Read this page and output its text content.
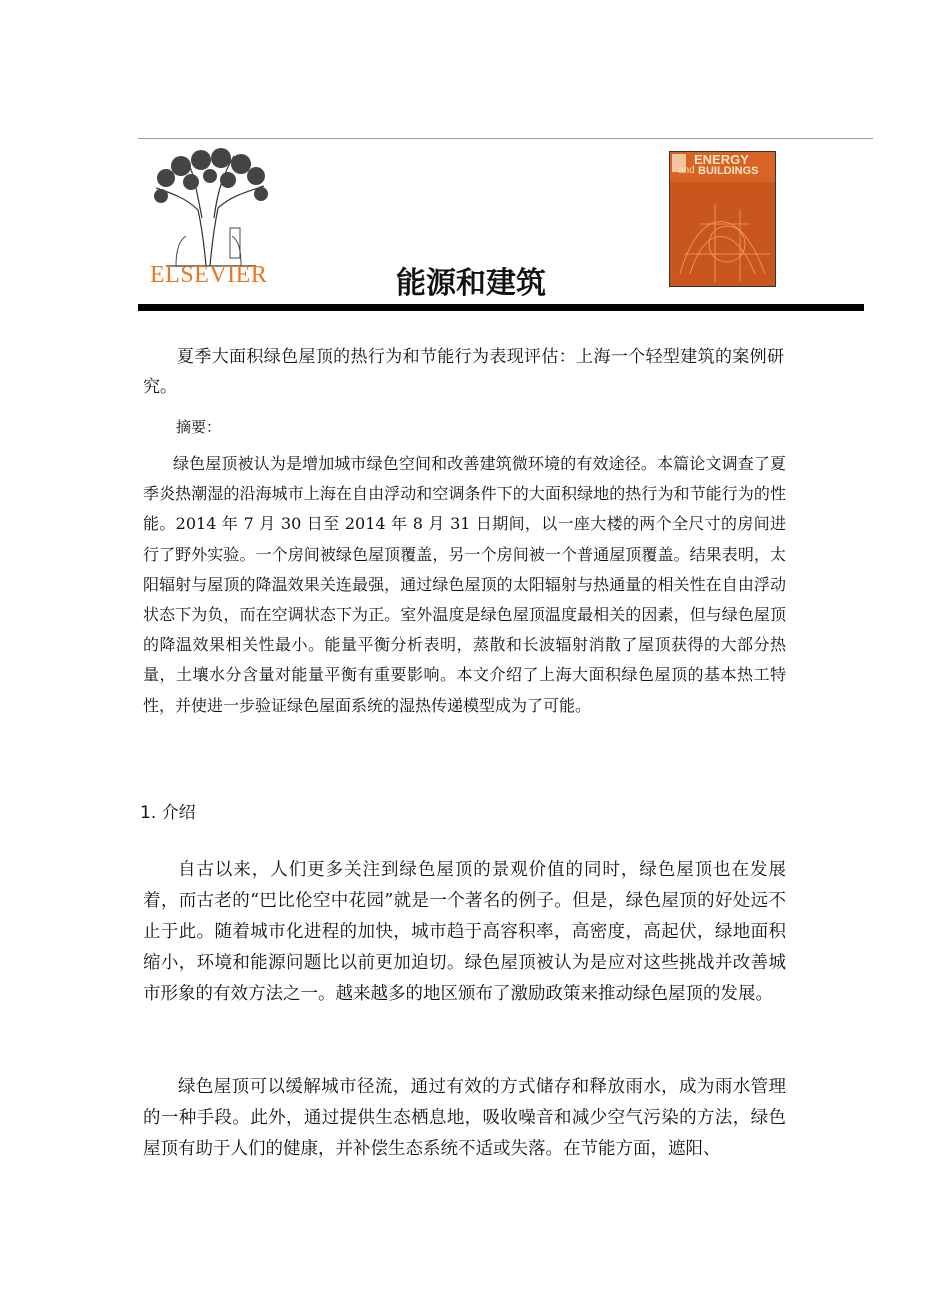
ELSEVIER	能源和建筑
ENERGY
and BUILDINGS
夏季大面积绿色屋顶的热行为和节能行为表现评估：上海一个轻型建筑的案例研究。
摘要：
绿色屋顶被认为是增加城市绿色空间和改善建筑微环境的有效途径。本篇论文调查了夏季炎热潮湿的沿海城市上海在自由浮动和空调条件下的大面积绿地的热行为和节能行为的性能。2014 年 7 月 30 日至 2014 年 8 月 31 日期间，以一座大楼的两个全尺寸的房间进行了野外实验。一个房间被绿色屋顶覆盖，另一个房间被一个普通屋顶覆盖。结果表明，太阳辐射与屋顶的降温效果关连最强，通过绿色屋顶的太阳辐射与热通量的相关性在自由浮动状态下为负，而在空调状态下为正。室外温度是绿色屋顶温度最相关的因素，但与绿色屋顶的降温效果相关性最小。能量平衡分析表明，蒸散和长波辐射消散了屋顶获得的大部分热量，土壤水分含量对能量平衡有重要影响。本文介绍了上海大面积绿色屋顶的基本热工特性，并使进一步验证绿色屋面系统的湿热传递模型成为了可能。
1. 介绍
自古以来，人们更多关注到绿色屋顶的景观价值的同时，绿色屋顶也在发展着，而古老的“巴比伦空中花园”就是一个著名的例子。但是，绿色屋顶的好处远不止于此。随着城市化进程的加快，城市趋于高容积率，高密度，高起伏，绿地面积缩小，环境和能源问题比以前更加迫切。绿色屋顶被认为是应对这些挑战并改善城市形象的有效方法之一。越来越多的地区颁布了激励政策来推动绿色屋顶的发展。
绿色屋顶可以缓解城市径流，通过有效的方式储存和释放雨水，成为雨水管理的一种手段。此外，通过提供生态栖息地，吸收噪音和减少空气污染的方法，绿色屋顶有助于人们的健康，并补偿生态系统不适或失落。在节能方面，遮阳、
